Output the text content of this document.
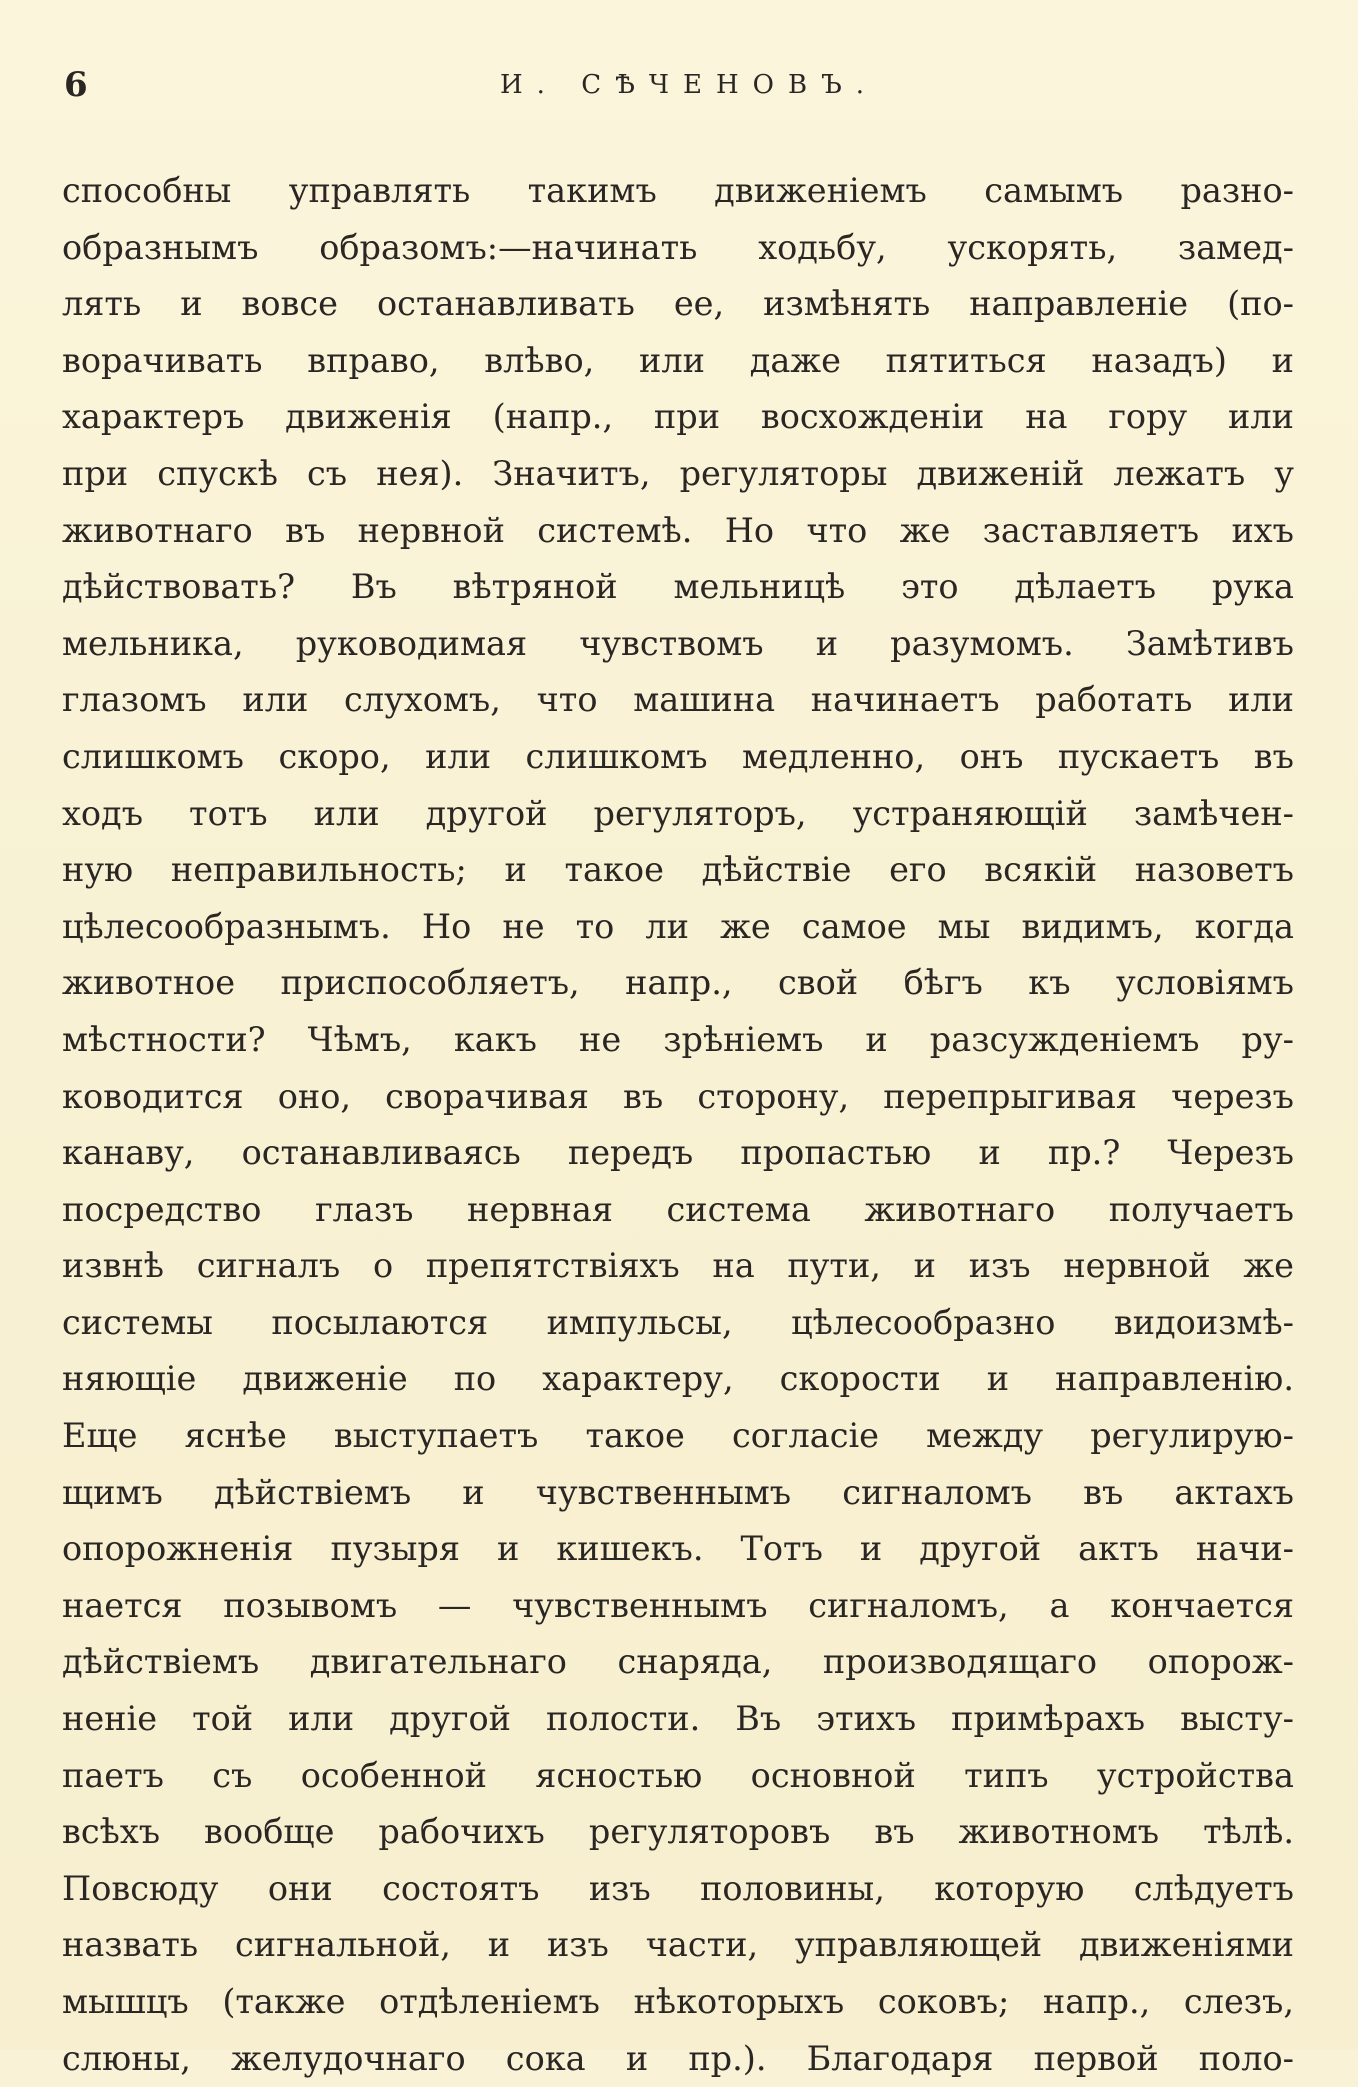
6	И. СѢЧЕНОВЪ.
способны управлять такимъ движеніемъ самымъ разно-
образнымъ образомъ:—начинать ходьбу, ускорять, замед-
лять и вовсе останавливать ее, измѣнять направленіе (по-
ворачивать вправо, влѣво, или даже пятиться назадъ) и
характеръ движенія (напр., при восхожденіи на гору или
при спускѣ съ нея). Значитъ, регуляторы движеній лежатъ у
животнаго въ нервной системѣ. Но что же заставляетъ ихъ
дѣйствовать? Въ вѣтряной мельницѣ это дѣлаетъ рука
мельника, руководимая чувствомъ и разумомъ. Замѣтивъ
глазомъ или слухомъ, что машина начинаетъ работать или
слишкомъ скоро, или слишкомъ медленно, онъ пускаетъ въ
ходъ тотъ или другой регуляторъ, устраняющій замѣчен-
ную неправильность; и такое дѣйствіе его всякій назоветъ
цѣлесообразнымъ. Но не то ли же самое мы видимъ, когда
животное приспособляетъ, напр., свой бѣгъ къ условіямъ
мѣстности? Чѣмъ, какъ не зрѣніемъ и разсужденіемъ ру-
ководится оно, сворачивая въ сторону, перепрыгивая черезъ
канаву, останавливаясь передъ пропастью и пр.? Черезъ
посредство глазъ нервная система животнаго получаетъ
извнѣ сигналъ о препятствіяхъ на пути, и изъ нервной же
системы посылаются импульсы, цѣлесообразно видоизмѣ-
няющіе движеніе по характеру, скорости и направленію.
Еще яснѣе выступаетъ такое согласіе между регулирую-
щимъ дѣйствіемъ и чувственнымъ сигналомъ въ актахъ
опорожненія пузыря и кишекъ. Тотъ и другой актъ начи-
нается позывомъ — чувственнымъ сигналомъ, а кончается
дѣйствіемъ двигательнаго снаряда, производящаго опорож-
неніе той или другой полости. Въ этихъ примѣрахъ высту-
паетъ съ особенной ясностью основной типъ устройства
всѣхъ вообще рабочихъ регуляторовъ въ животномъ тѣлѣ.
Повсюду они состоятъ изъ половины, которую слѣдуетъ
назвать сигнальной, и изъ части, управляющей движеніями
мышцъ (также отдѣленіемъ нѣкоторыхъ соковъ; напр., слезъ,
слюны, желудочнаго сока и пр.). Благодаря первой поло-
